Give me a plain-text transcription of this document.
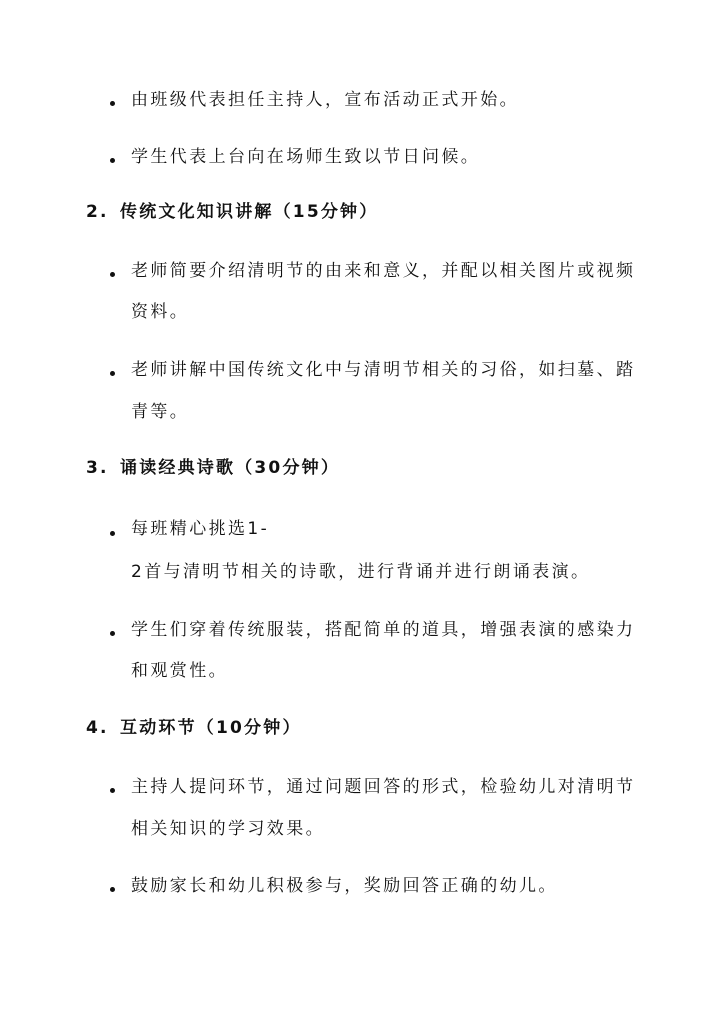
由班级代表担任主持人，宣布活动正式开始。
学生代表上台向在场师生致以节日问候。
2. 传统文化知识讲解（15分钟）
老师简要介绍清明节的由来和意义，并配以相关图片或视频
资料。
老师讲解中国传统文化中与清明节相关的习俗，如扫墓、踏
青等。
3. 诵读经典诗歌（30分钟）
每班精心挑选1-
2首与清明节相关的诗歌，进行背诵并进行朗诵表演。
学生们穿着传统服装，搭配简单的道具，增强表演的感染力
和观赏性。
4. 互动环节（10分钟）
主持人提问环节，通过问题回答的形式，检验幼儿对清明节
相关知识的学习效果。
鼓励家长和幼儿积极参与，奖励回答正确的幼儿。
